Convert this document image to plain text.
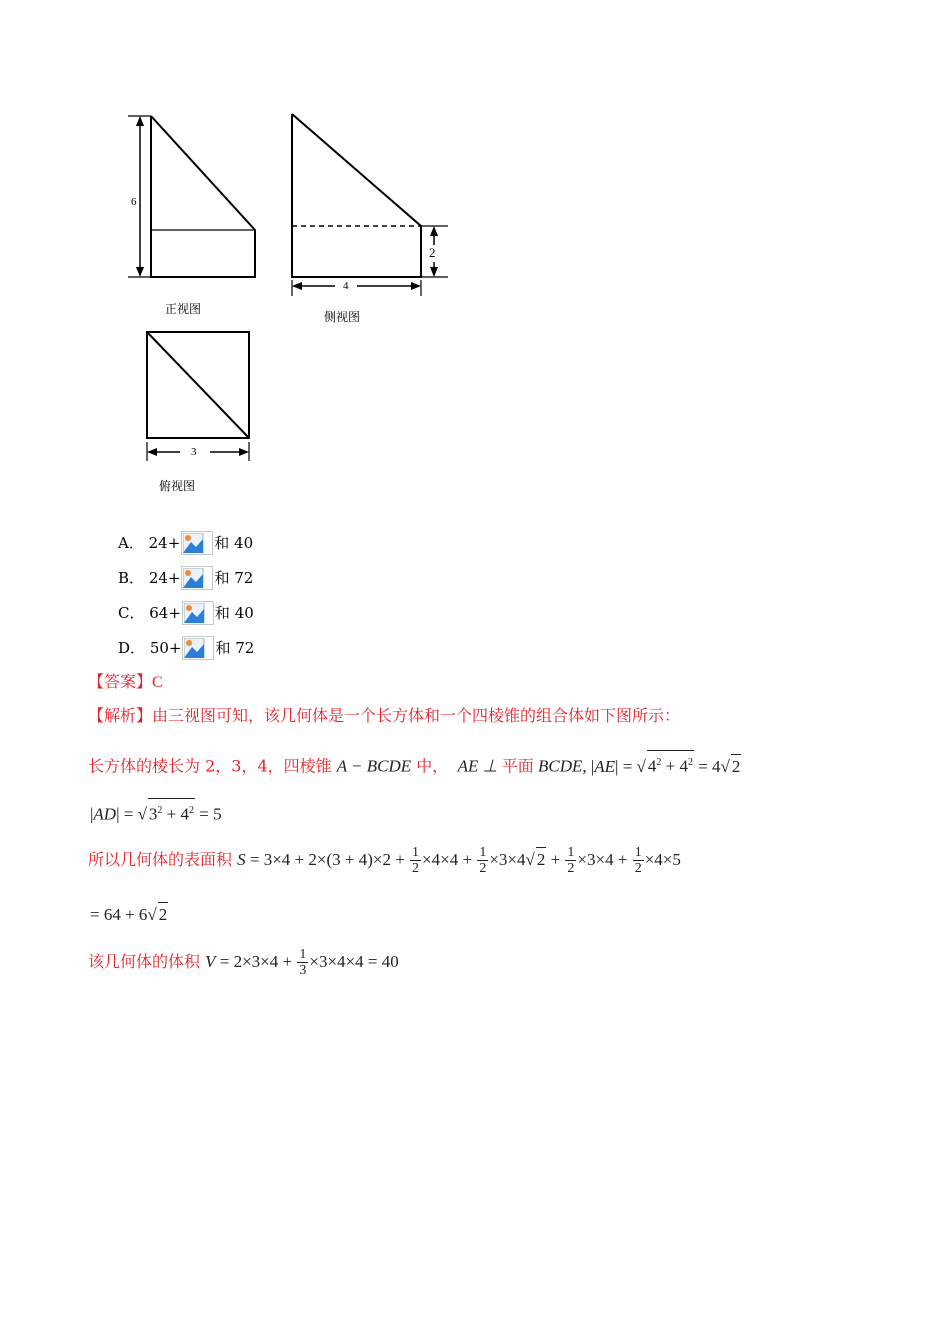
6
正视图
2
4
侧视图
3
俯视图
A． 24+ 和 40
B． 24+ 和 72
C． 64+ 和 40
D． 50+ 和 72
【答案】C
【解析】由三视图可知，该几何体是一个长方体和一个四棱锥的组合体如下图所示：
长方体的棱长为 2，3，4，四棱锥 A − BCDE 中，  AE ⊥ 平面 BCDE, |AE| = √ $4^2 + 4^2 = 4√$ 2
|AD| = √ $3^2 + 4^2 = 5$
所以几何体的表面积 $S = 3\times 4 + 2\times(3 + 4)\times 2 + \frac{1}{2} \times 4\times 4 + \frac{1}{2} \times 3\times 4√$ $2 + \frac{1}{2} \times 3\times 4 + \frac{1}{2} \times 4\times 5$
= 64 + 6√ 2
该几何体的体积 $V = 2\times 3\times 4 + \frac{1}{3} \times 3\times 4\times 4 = 40$
